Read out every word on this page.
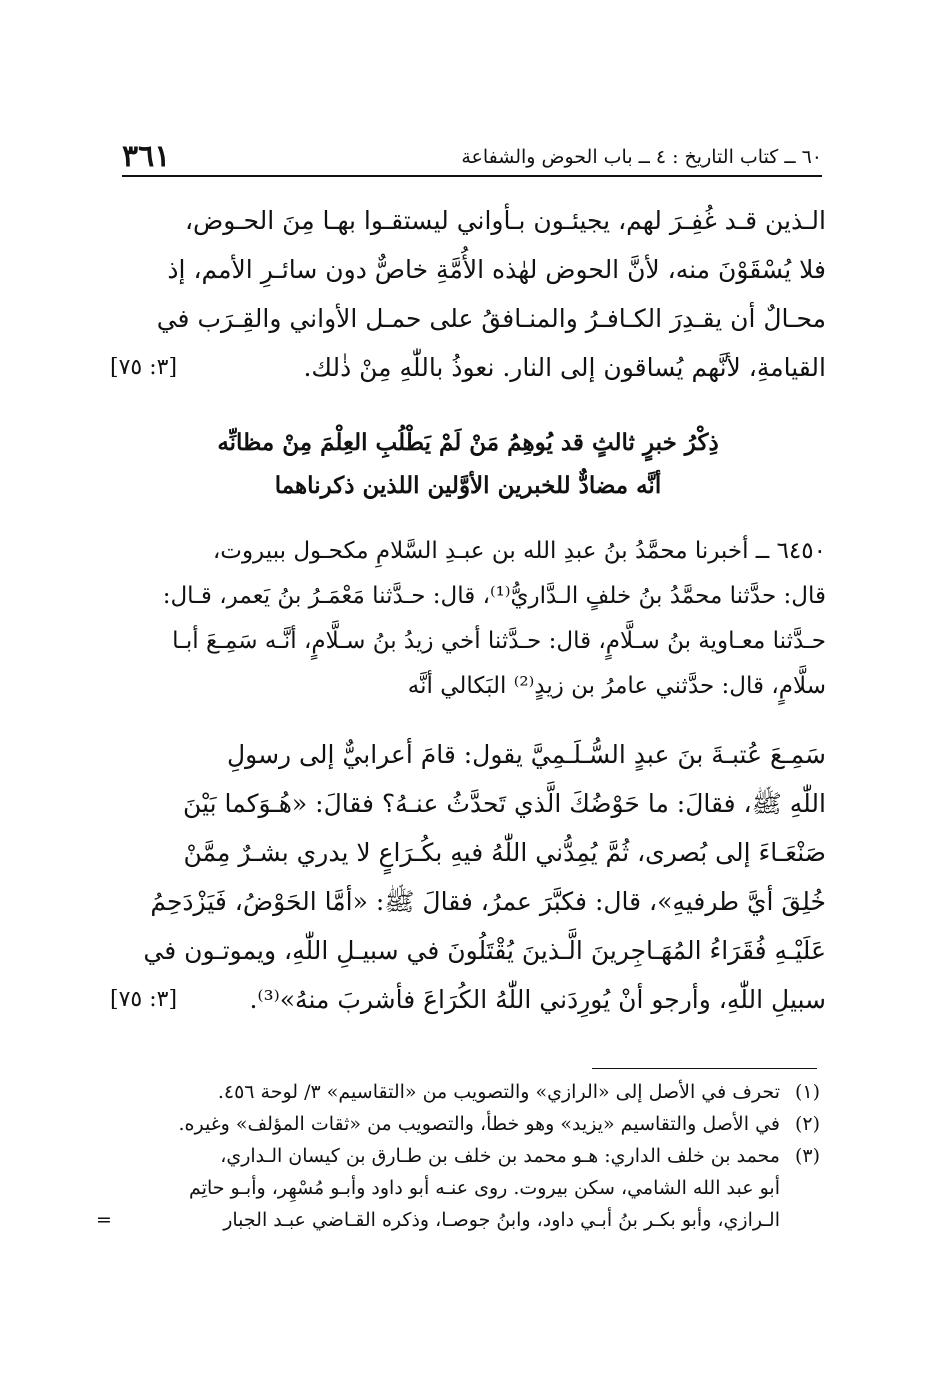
٦٠ ــ كتاب التاريخ : ٤ ــ باب الحوض والشفاعة
٣٦١
الـذين قـد غُفِـرَ لهم، يجيئـون بـأواني ليستقـوا بهـا مِنَ الحـوض،
فلا يُسْقَوْنَ منه، لأنَّ الحوض لهٰذه الأُمَّةِ خاصٌّ دون سائـرِ الأمم، إذ
محـالٌ أن يقـدِرَ الكـافـرُ والمنـافقُ على حمـل الأواني والقِـرَب في
القيامةِ، لأنَّهم يُساقون إلى النار. نعوذُ باللّٰهِ مِنْ ذٰلك.
[٣: ٧٥]
ذِكْرُ خبرٍ ثالثٍ قد يُوهِمُ مَنْ لَمْ يَطْلُبِ العِلْمَ مِنْ مظانِّه
أنَّه مضادٌّ للخبرين الأوَّلين اللذين ذكرناهما
٦٤٥٠ ــ أخبرنا محمَّدُ بنُ عبدِ الله بن عبـدِ السَّلامِ مكحـول ببيروت،
قال: حدَّثنا محمَّدُ بنُ خلفٍ الـدَّاريُّ⁽¹⁾، قال: حـدَّثنا مَعْمَـرُ بنُ يَعمر، قـال:
حـدَّثنا معـاوية بنُ سـلَّامٍ، قال: حـدَّثنا أخي زيدُ بنُ سـلَّامٍ، أنَّـه سَمِـعَ أبـا
سلَّامٍ، قال: حدَّثني عامرُ بن زيدٍ⁽²⁾ البَكالي أنَّه
سَمِـعَ عُتبـةَ بنَ عبدٍ السُّـلَـمِيَّ يقول: قامَ أعرابيٌّ إلى رسولِ
اللّٰهِ ﷺ، فقالَ: ما حَوْضُكَ الَّذي تَحدَّثُ عنـهُ؟ فقالَ: «هُـوَكما بَيْنَ
صَنْعَـاءَ إلى بُصرى، ثُمَّ يُمِدُّني اللّٰهُ فيهِ بكُـرَاعٍ لا يدري بشـرٌ مِمَّنْ
خُلِقَ أيَّ طرفيهِ»، قال: فكبَّرَ عمرُ، فقالَ ﷺ: «أمَّا الحَوْضُ، فَيَزْدَحِمُ
عَلَيْـهِ فُقَرَاءُ المُهَـاجِرينَ الَّـذينَ يُقْتَلُونَ في سبيـلِ اللّٰهِ، ويموتـون في
سبيلِ اللّٰهِ، وأرجو أنْ يُورِدَني اللّٰهُ الكُرَاعَ فأشربَ منهُ»⁽³⁾.
[٣: ٧٥]
(١)
تحرف في الأصل إلى «الرازي» والتصويب من «التقاسيم» ٣/ لوحة ٤٥٦.
(٢)
في الأصل والتقاسيم «يزيد» وهو خطأ، والتصويب من «ثقات المؤلف» وغيره.
(٣)
محمد بن خلف الداري: هـو محمد بن خلف بن طـارق بن كيسان الـداري،
أبو عبد الله الشامي، سكن بيروت. روى عنـه أبو داود وأبـو مُسْهِر، وأبـو حاتِم
الـرازي، وأبو بكـر بنُ أبـي داود، وابنُ جوصـا، وذكره القـاضي عبـد الجبار
=
